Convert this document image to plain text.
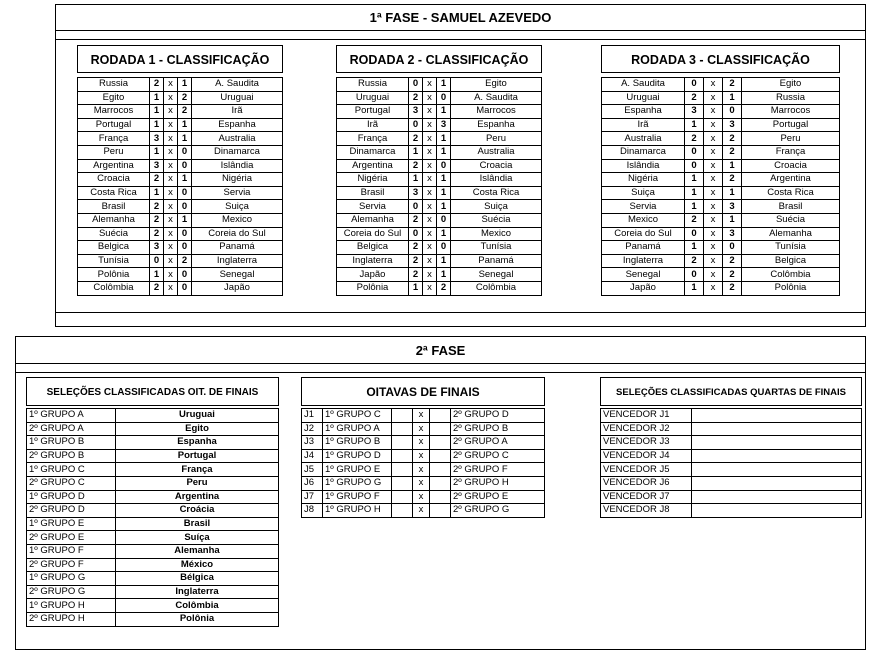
1ª FASE - SAMUEL AZEVEDO
RODADA 1 - CLASSIFICAÇÃO
Russia	2	x	1	A. Saudita
Egito	1	x	2	Uruguai
Marrocos	1	x	2	Irã
Portugal	1	x	1	Espanha
França	3	x	1	Australia
Peru	1	x	0	Dinamarca
Argentina	3	x	0	Islândia
Croacia	2	x	1	Nigéria
Costa Rica	1	x	0	Servia
Brasil	2	x	0	Suiça
Alemanha	2	x	1	Mexico
Suécia	2	x	0	Coreia do Sul
Belgica	3	x	0	Panamá
Tunísia	0	x	2	Inglaterra
Polônia	1	x	0	Senegal
Colômbia	2	x	0	Japão
RODADA 2 - CLASSIFICAÇÃO
Russia	0	x	1	Egito
Uruguai	2	x	0	A. Saudita
Portugal	3	x	1	Marrocos
Irã	0	x	3	Espanha
França	2	x	1	Peru
Dinamarca	1	x	1	Australia
Argentina	2	x	0	Croacia
Nigéria	1	x	1	Islândia
Brasil	3	x	1	Costa Rica
Servia	0	x	1	Suiça
Alemanha	2	x	0	Suécia
Coreia do Sul	0	x	1	Mexico
Belgica	2	x	0	Tunísia
Inglaterra	2	x	1	Panamá
Japão	2	x	1	Senegal
Polônia	1	x	2	Colômbia
RODADA 3 - CLASSIFICAÇÃO
A. Saudita	0	x	2	Egito
Uruguai	2	x	1	Russia
Espanha	3	x	0	Marrocos
Irã	1	x	3	Portugal
Australia	2	x	2	Peru
Dinamarca	0	x	2	França
Islândia	0	x	1	Croacia
Nigéria	1	x	2	Argentina
Suiça	1	x	1	Costa Rica
Servia	1	x	3	Brasil
Mexico	2	x	1	Suécia
Coreia do Sul	0	x	3	Alemanha
Panamá	1	x	0	Tunísia
Inglaterra	2	x	2	Belgica
Senegal	0	x	2	Colômbia
Japão	1	x	2	Polônia
2ª FASE
SELEÇÕES CLASSIFICADAS OIT. DE FINAIS
1º GRUPO A	Uruguai
2º GRUPO A	Egito
1º GRUPO B	Espanha
2º GRUPO B	Portugal
1º GRUPO C	França
2º GRUPO C	Peru
1º GRUPO D	Argentina
2º GRUPO D	Croácia
1º GRUPO E	Brasil
2º GRUPO E	Suíça
1º GRUPO F	Alemanha
2º GRUPO F	México
1º GRUPO G	Bélgica
2º GRUPO G	Inglaterra
1º GRUPO H	Colômbia
2º GRUPO H	Polônia
OITAVAS DE FINAIS
J1	1º GRUPO C		x		2º GRUPO D
J2	1º GRUPO A		x		2º GRUPO B
J3	1º GRUPO B		x		2º GRUPO A
J4	1º GRUPO D		x		2º GRUPO C
J5	1º GRUPO E		x		2º GRUPO F
J6	1º GRUPO G		x		2º GRUPO H
J7	1º GRUPO F		x		2º GRUPO E
J8	1º GRUPO H		x		2º GRUPO G
SELEÇÕES CLASSIFICADAS QUARTAS DE FINAIS
VENCEDOR J1	
VENCEDOR J2	
VENCEDOR J3	
VENCEDOR J4	
VENCEDOR J5	
VENCEDOR J6	
VENCEDOR J7	
VENCEDOR J8	
